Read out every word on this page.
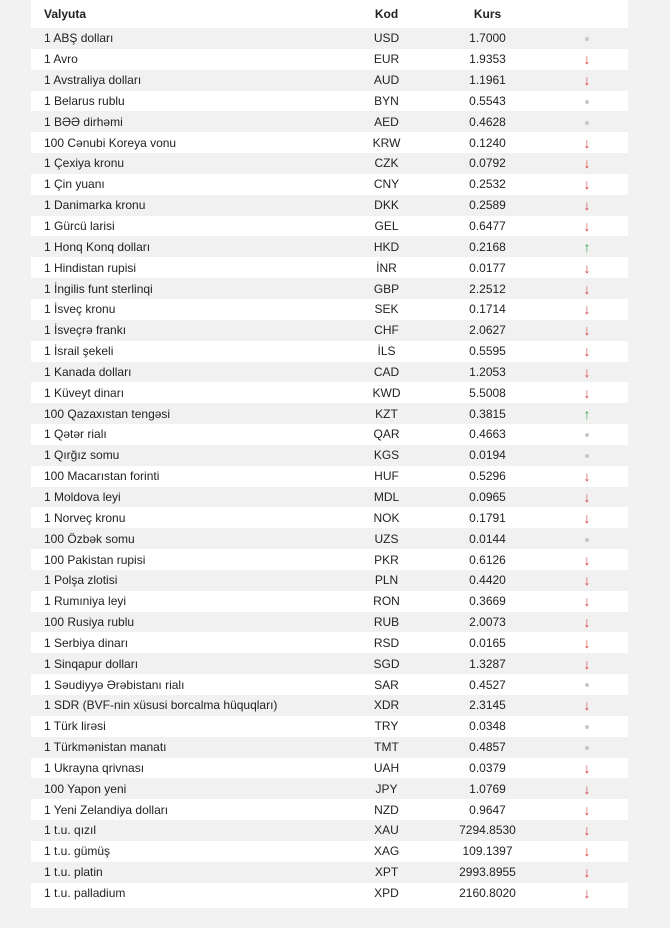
Valyuta	Kod	Kurs	
1 ABŞ dolları	USD	1.7000	
1 Avro	EUR	1.9353	↓
1 Avstraliya dolları	AUD	1.1961	↓
1 Belarus rublu	BYN	0.5543	
1 BƏƏ dirhəmi	AED	0.4628	
100 Cənubi Koreya vonu	KRW	0.1240	↓
1 Çexiya kronu	CZK	0.0792	↓
1 Çin yuanı	CNY	0.2532	↓
1 Danimarka kronu	DKK	0.2589	↓
1 Gürcü larisi	GEL	0.6477	↓
1 Honq Konq dolları	HKD	0.2168	↑
1 Hindistan rupisi	İNR	0.0177	↓
1 İngilis funt sterlinqi	GBP	2.2512	↓
1 İsveç kronu	SEK	0.1714	↓
1 İsveçrə frankı	CHF	2.0627	↓
1 İsrail şekeli	İLS	0.5595	↓
1 Kanada dolları	CAD	1.2053	↓
1 Küveyt dinarı	KWD	5.5008	↓
100 Qazaxıstan tengəsi	KZT	0.3815	↑
1 Qətər rialı	QAR	0.4663	
1 Qırğız somu	KGS	0.0194	
100 Macarıstan forinti	HUF	0.5296	↓
1 Moldova leyi	MDL	0.0965	↓
1 Norveç kronu	NOK	0.1791	↓
100 Özbək somu	UZS	0.0144	
100 Pakistan rupisi	PKR	0.6126	↓
1 Polşa zlotisi	PLN	0.4420	↓
1 Rumıniya leyi	RON	0.3669	↓
100 Rusiya rublu	RUB	2.0073	↓
1 Serbiya dinarı	RSD	0.0165	↓
1 Sinqapur dolları	SGD	1.3287	↓
1 Səudiyyə Ərəbistanı rialı	SAR	0.4527	
1 SDR (BVF-nin xüsusi borcalma hüquqları)	XDR	2.3145	↓
1 Türk lirəsi	TRY	0.0348	
1 Türkmənistan manatı	TMT	0.4857	
1 Ukrayna qrivnası	UAH	0.0379	↓
100 Yapon yeni	JPY	1.0769	↓
1 Yeni Zelandiya dolları	NZD	0.9647	↓
1 t.u. qızıl	XAU	7294.8530	↓
1 t.u. gümüş	XAG	109.1397	↓
1 t.u. platin	XPT	2993.8955	↓
1 t.u. palladium	XPD	2160.8020	↓
